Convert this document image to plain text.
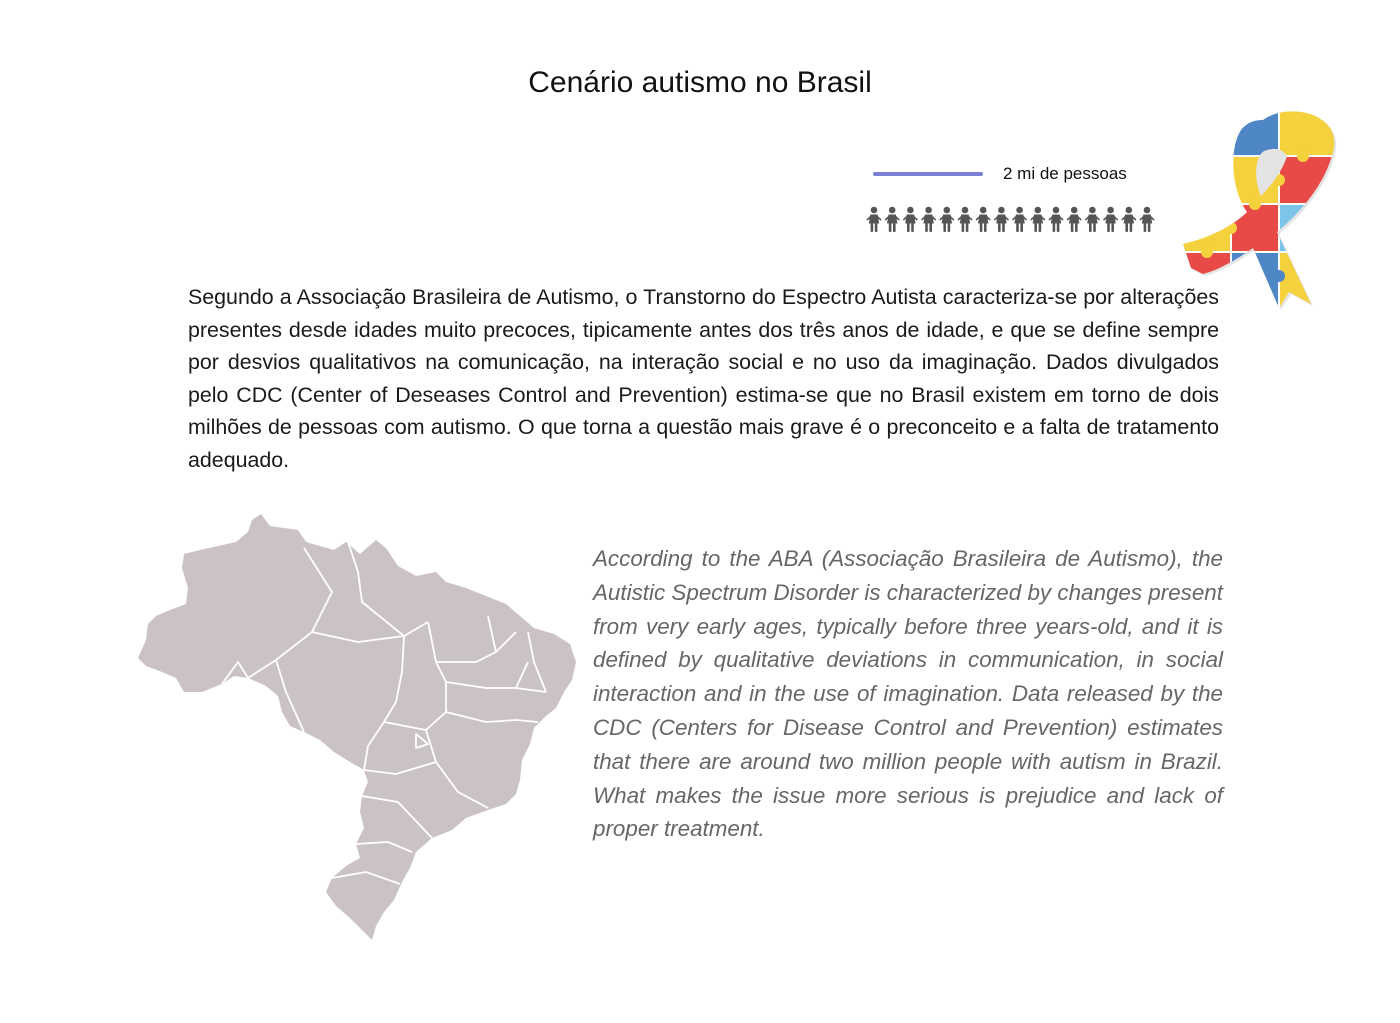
Cenário autismo no Brasil
2 mi de pessoas

Segundo a Associação Brasileira de Autismo, o Transtorno do Espectro Autista caracteriza-se por alterações presentes desde idades muito precoces, tipicamente antes dos três anos de idade, e que se define sempre por desvios qualitativos na comunicação, na interação social e no uso da imaginação. Dados divulgados pelo CDC (Center of Deseases Control and Prevention) estima-se que no Brasil existem em torno de dois milhões de pessoas com autismo. O que torna a questão mais grave é o preconceito e a falta de tratamento adequado.

According to the ABA (Associação Brasileira de Autismo), the Autistic Spectrum Disorder is characterized by changes present from very early ages, typically before three years-old, and it is defined by qualitative deviations in communication, in social interaction and in the use of imagination. Data released by the CDC (Centers for Disease Control and Prevention) estimates that there are around two million people with autism in Brazil. What makes the issue more serious is prejudice and lack of proper treatment.
